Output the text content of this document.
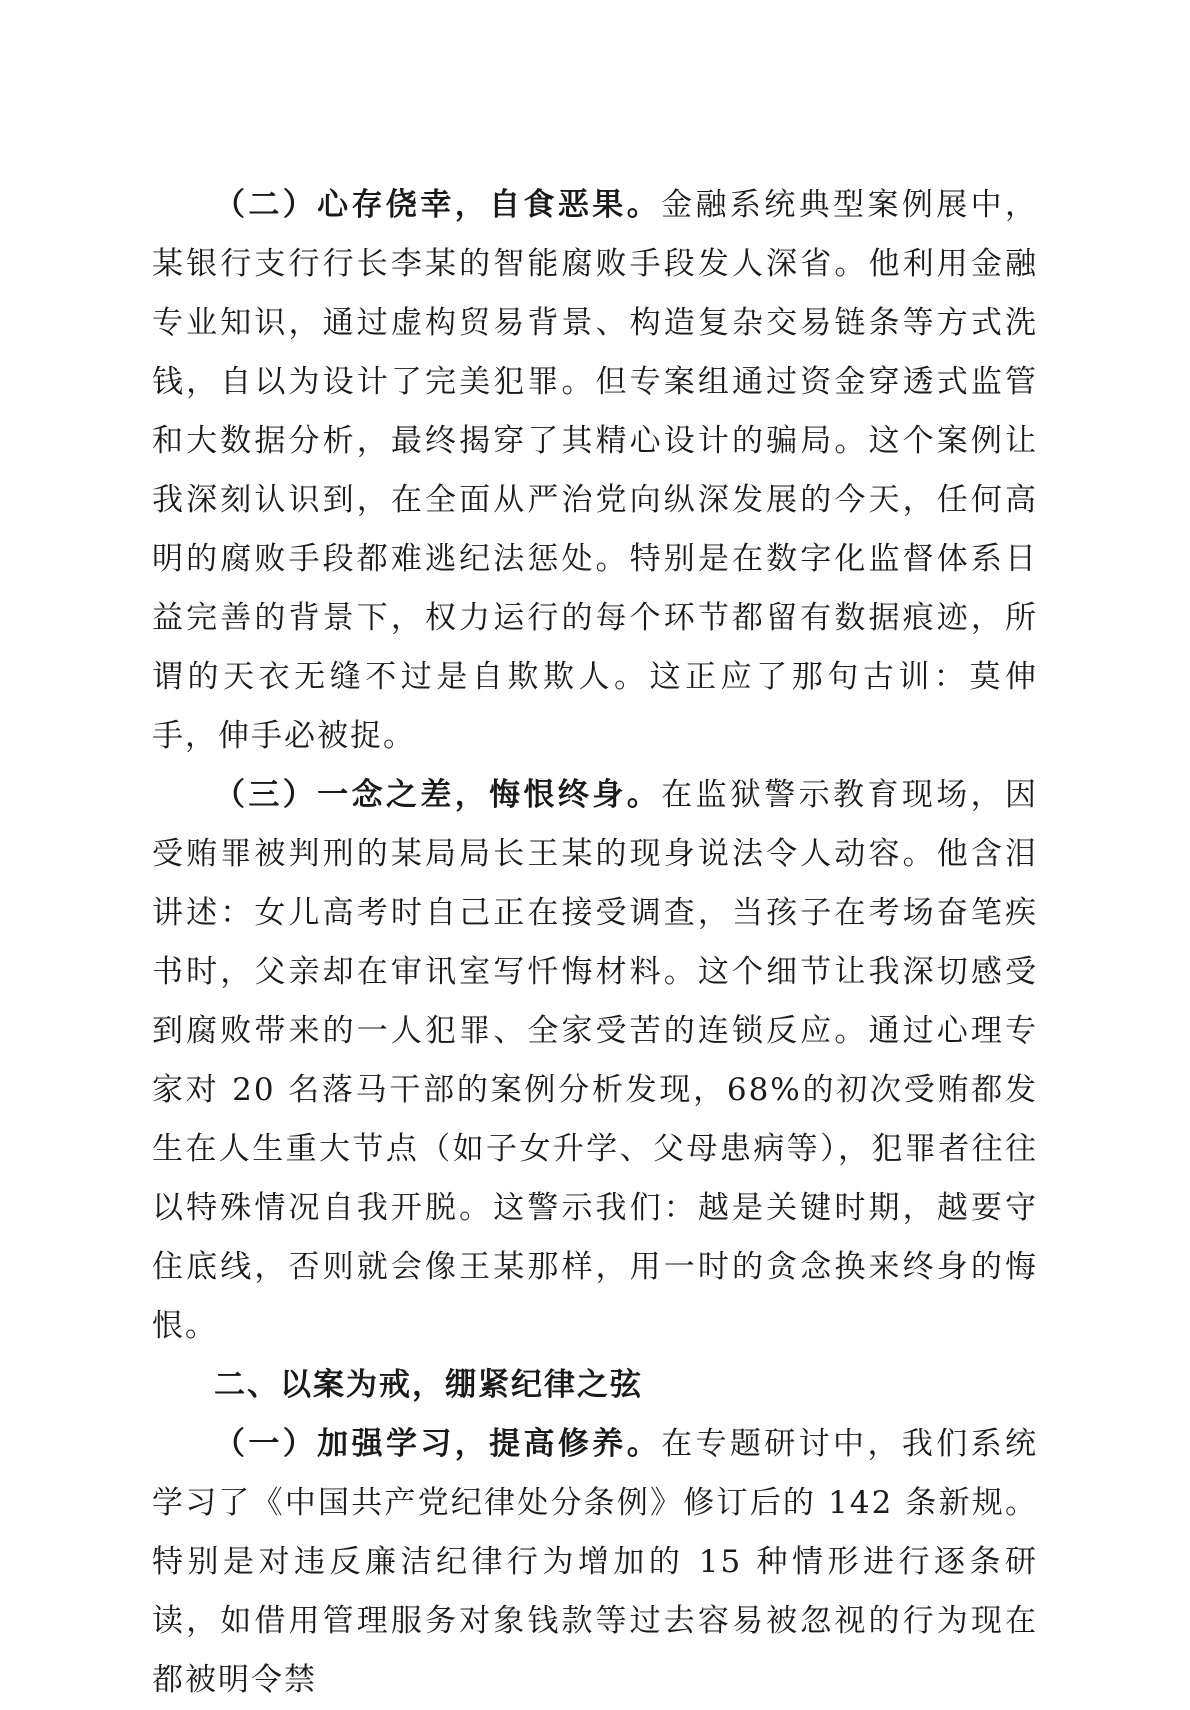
（二）心存侥幸，自食恶果。金融系统典型案例展中，某银行支行行长李某的智能腐败手段发人深省。他利用金融专业知识，通过虚构贸易背景、构造复杂交易链条等方式洗钱，自以为设计了完美犯罪。但专案组通过资金穿透式监管和大数据分析，最终揭穿了其精心设计的骗局。这个案例让我深刻认识到，在全面从严治党向纵深发展的今天，任何高明的腐败手段都难逃纪法惩处。特别是在数字化监督体系日益完善的背景下，权力运行的每个环节都留有数据痕迹，所谓的天衣无缝不过是自欺欺人。这正应了那句古训：莫伸手，伸手必被捉。

（三）一念之差，悔恨终身。在监狱警示教育现场，因受贿罪被判刑的某局局长王某的现身说法令人动容。他含泪讲述：女儿高考时自己正在接受调查，当孩子在考场奋笔疾书时，父亲却在审讯室写忏悔材料。这个细节让我深切感受到腐败带来的一人犯罪、全家受苦的连锁反应。通过心理专家对 20 名落马干部的案例分析发现，68%的初次受贿都发生在人生重大节点（如子女升学、父母患病等），犯罪者往往以特殊情况自我开脱。这警示我们：越是关键时期，越要守住底线，否则就会像王某那样，用一时的贪念换来终身的悔恨。

二、以案为戒，绷紧纪律之弦

（一）加强学习，提高修养。在专题研讨中，我们系统学习了《中国共产党纪律处分条例》修订后的 142 条新规。特别是对违反廉洁纪律行为增加的 15 种情形进行逐条研读，如借用管理服务对象钱款等过去容易被忽视的行为现在都被明令禁
